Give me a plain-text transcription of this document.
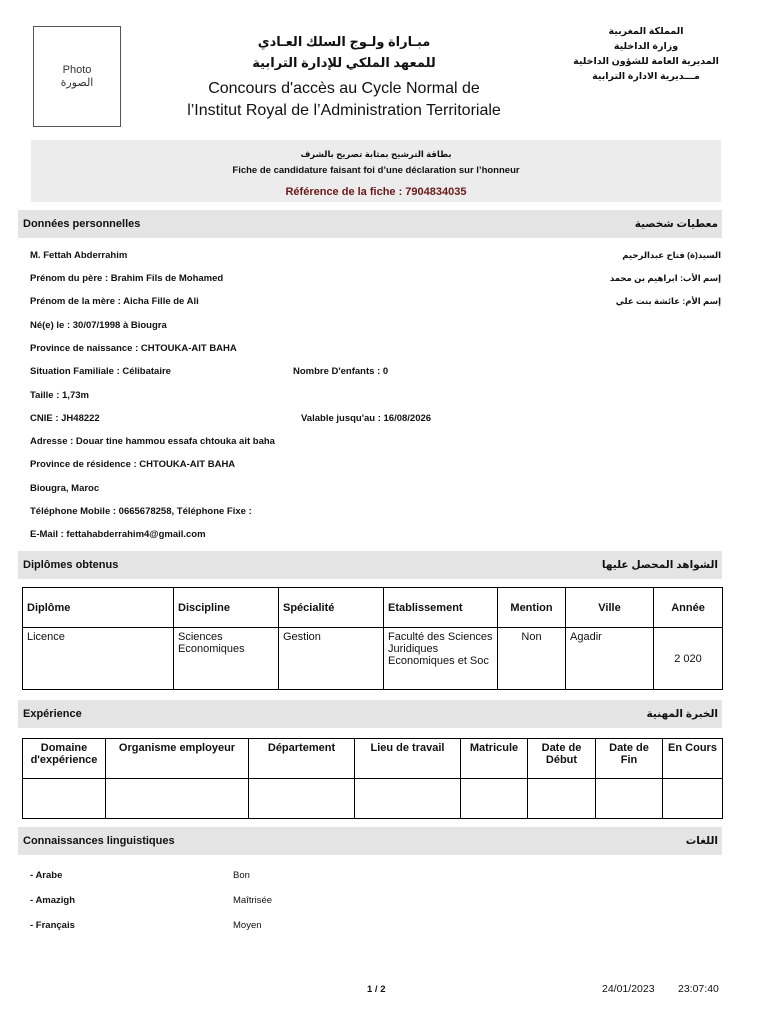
Photo
الصورة
مبـاراة ولـوج السلك العـادي
للمعهد الملكي للإدارة الترابية
Concours d'accès au Cycle Normal de
l’Institut Royal de l’Administration Territoriale
المملكة المغربية
وزارة الداخلية
المديرية العامة للشؤون الداخلية
مـــديرية الادارة الترابية
بطاقة الترشيح بمثابة تصريح بالشرف
Fiche de candidature faisant foi d’une déclaration sur l’honneur
Référence de la fiche : 7904834035
Données personnelles	معطيات شخصية
M. Fettah Abderrahim	السيد(ة) فتاح عبدالرحيم
Prénom du père : Brahim Fils de Mohamed	إسم الأب: ابراهيم بن محمد
Prénom de la mère : Aicha Fille de Ali	إسم الأم: عائشة بنت علي
Né(e) le : 30/07/1998 à Biougra
Province de naissance : CHTOUKA-AIT BAHA
Situation Familiale : Célibataire	Nombre D'enfants : 0
Taille : 1,73m
CNIE : JH48222	Valable jusqu'au : 16/08/2026
Adresse : Douar tine hammou essafa chtouka ait baha
Province de résidence : CHTOUKA-AIT BAHA
Biougra, Maroc
Téléphone Mobile : 0665678258, Téléphone Fixe :
E-Mail : fettahabderrahim4@gmail.com
Diplômes obtenus	الشواهد المحصل عليها
Diplôme	Discipline	Spécialité	Etablissement	Mention	Ville	Année
Licence	Sciences Economiques	Gestion	Faculté des Sciences Juridiques Economiques et Soc	Non	Agadir	2 020
Expérience	الخبرة المهنية
Domaine d'expérience	Organisme employeur	Département	Lieu de travail	Matricule	Date de Début	Date de Fin	En Cours

Connaissances linguistiques	اللغات
- Arabe	Bon
- Amazigh	Maîtrisée
- Français	Moyen
1 / 2	24/01/2023 23:07:40
